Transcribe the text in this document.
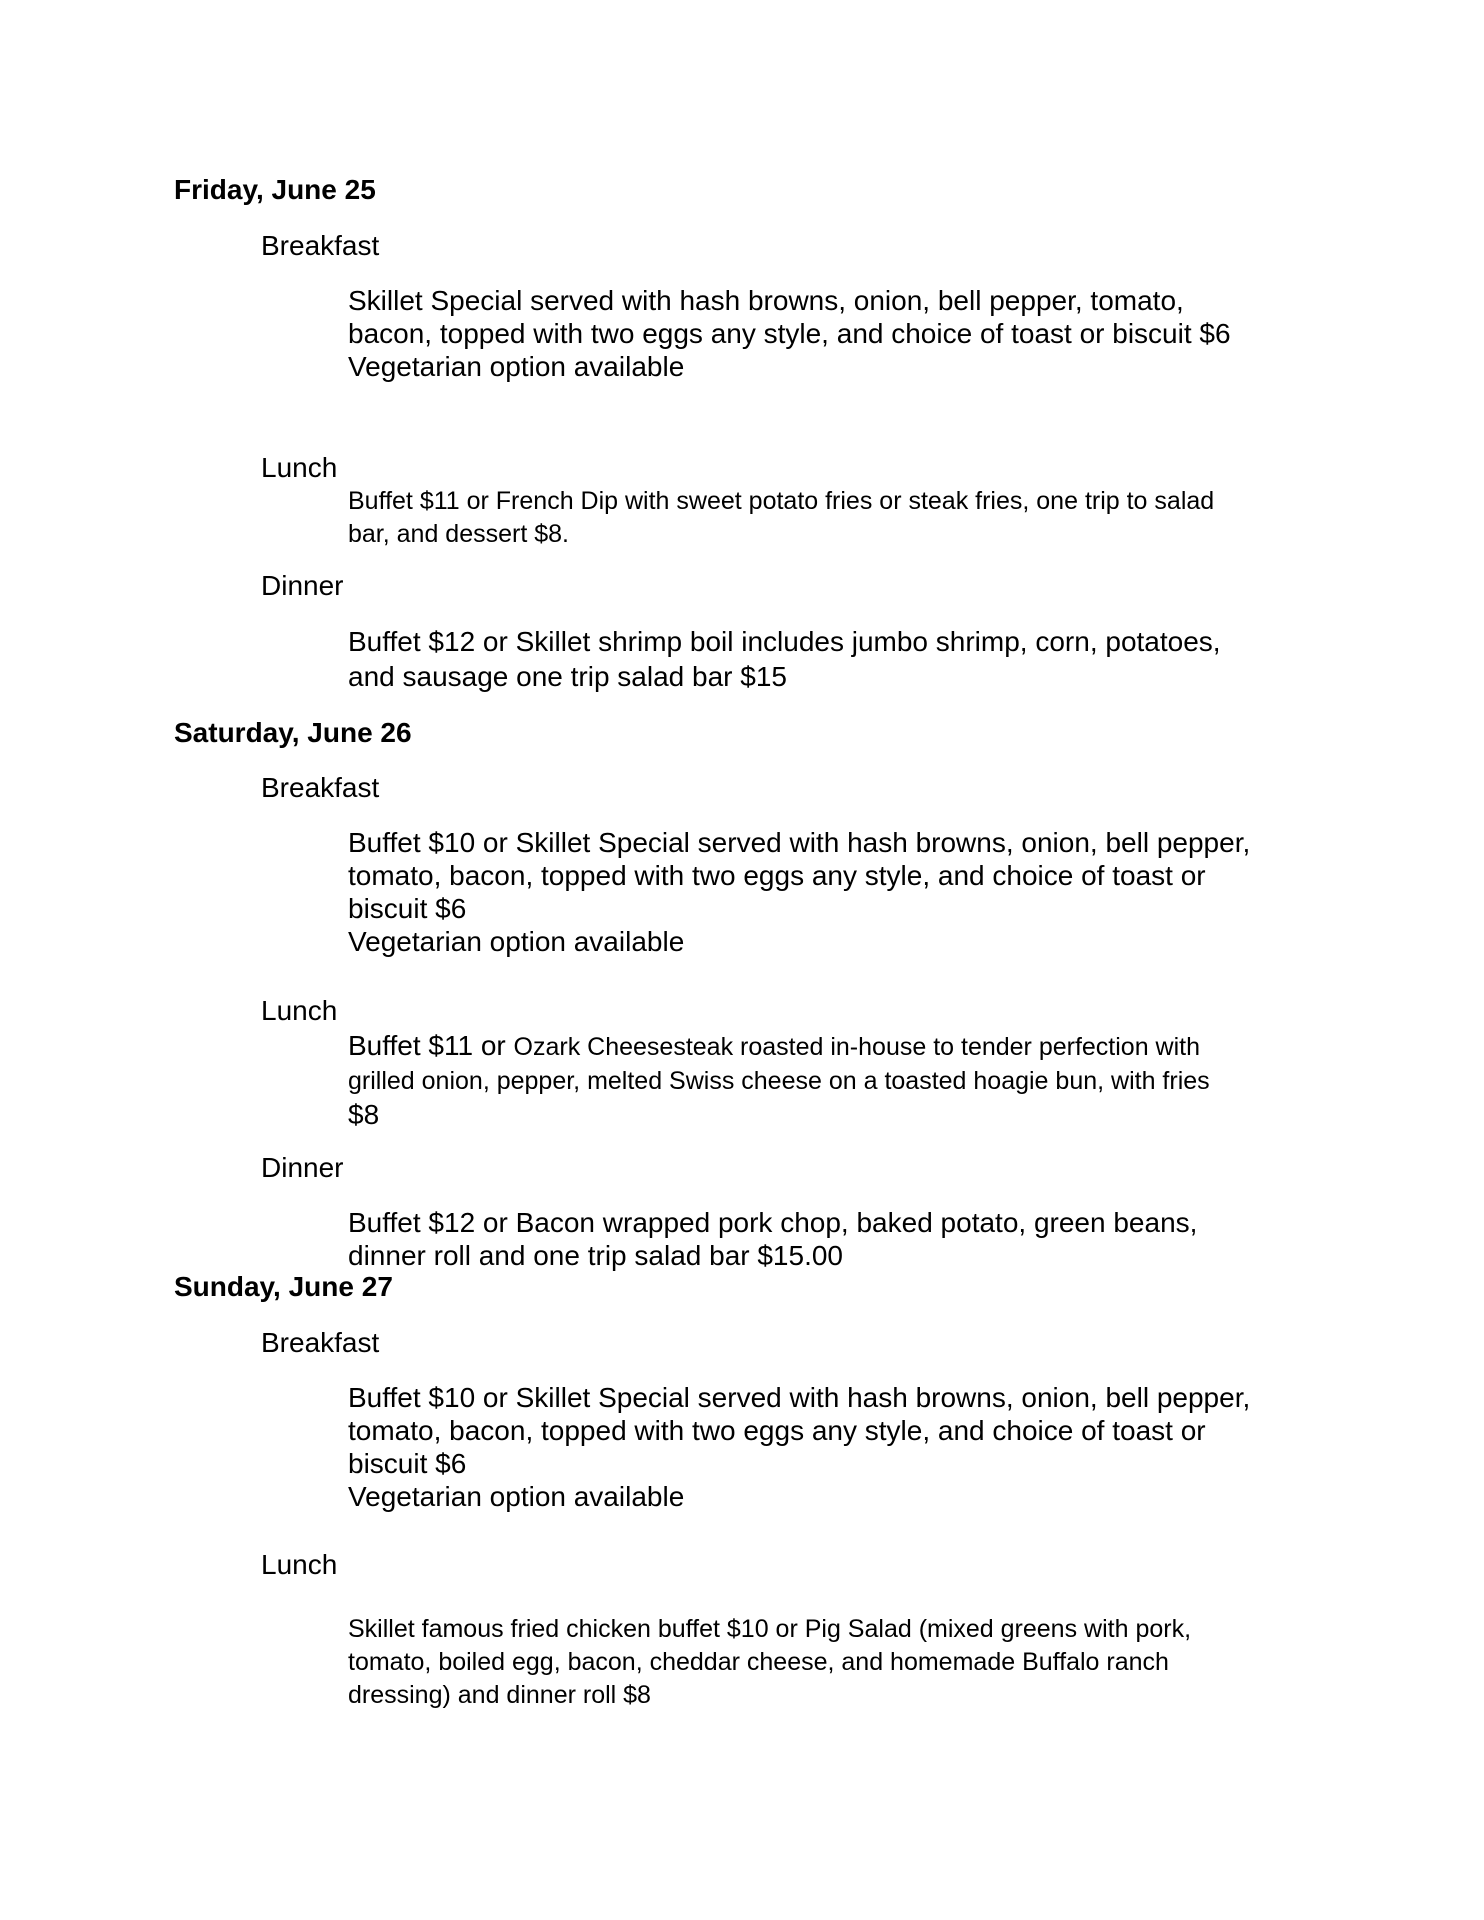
Friday, June 25
Breakfast
Skillet Special served with hash browns, onion, bell pepper, tomato,
bacon, topped with two eggs any style, and choice of toast or biscuit $6
Vegetarian option available
Lunch
Buffet $11 or French Dip with sweet potato fries or steak fries, one trip to salad
bar, and dessert $8.
Dinner
Buffet $12 or Skillet shrimp boil includes jumbo shrimp, corn, potatoes,
and sausage one trip salad bar $15
Saturday, June 26
Breakfast
Buffet $10 or Skillet Special served with hash browns, onion, bell pepper,
tomato, bacon, topped with two eggs any style, and choice of toast or
biscuit $6
Vegetarian option available
Lunch
Buffet $11 or Ozark Cheesesteak roasted in-house to tender perfection with
grilled onion, pepper, melted Swiss cheese on a toasted hoagie bun, with fries
$8
Dinner
Buffet $12 or Bacon wrapped pork chop, baked potato, green beans,
dinner roll and one trip salad bar $15.00
Sunday, June 27
Breakfast
Buffet $10 or Skillet Special served with hash browns, onion, bell pepper,
tomato, bacon, topped with two eggs any style, and choice of toast or
biscuit $6
Vegetarian option available
Lunch
Skillet famous fried chicken buffet $10 or Pig Salad (mixed greens with pork,
tomato, boiled egg, bacon, cheddar cheese, and homemade Buffalo ranch
dressing) and dinner roll $8
